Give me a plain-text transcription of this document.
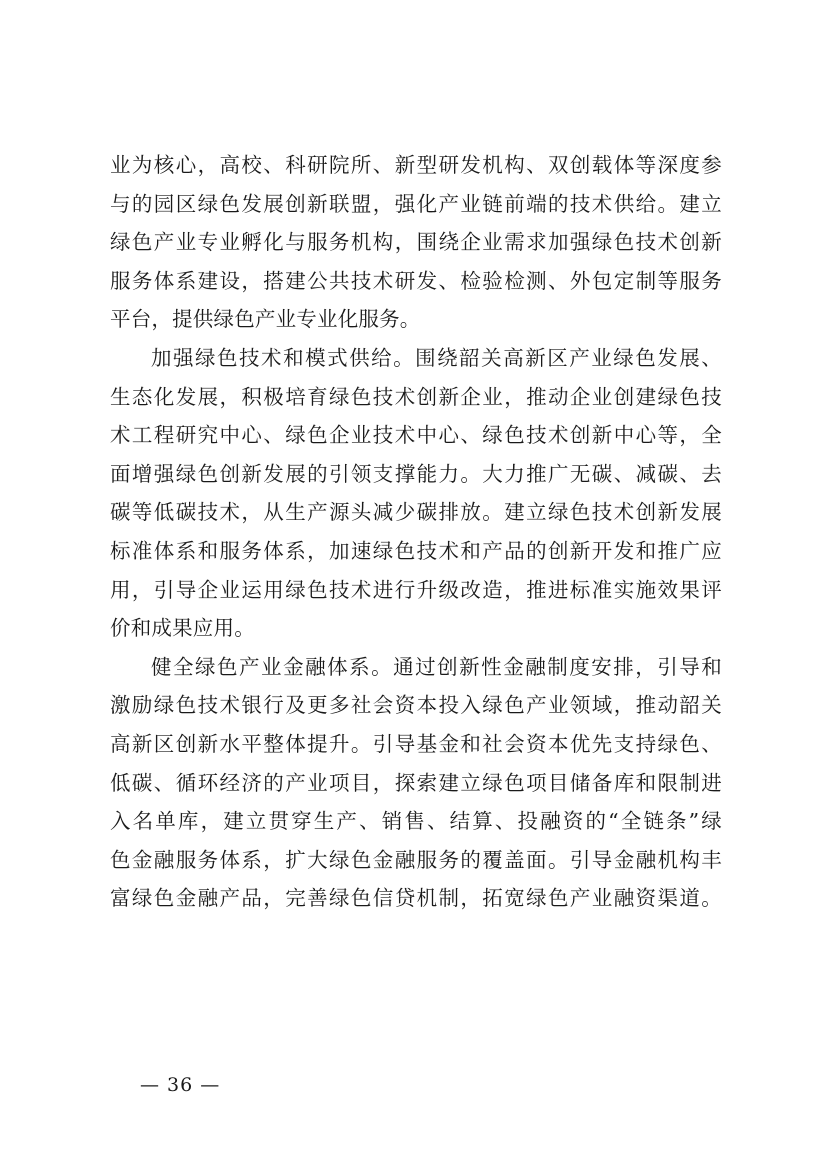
业为核心，高校、科研院所、新型研发机构、双创载体等深度参
与的园区绿色发展创新联盟，强化产业链前端的技术供给。建立
绿色产业专业孵化与服务机构，围绕企业需求加强绿色技术创新
服务体系建设，搭建公共技术研发、检验检测、外包定制等服务
平台，提供绿色产业专业化服务。
加强绿色技术和模式供给。围绕韶关高新区产业绿色发展、
生态化发展，积极培育绿色技术创新企业，推动企业创建绿色技
术工程研究中心、绿色企业技术中心、绿色技术创新中心等，全
面增强绿色创新发展的引领支撑能力。大力推广无碳、减碳、去
碳等低碳技术，从生产源头减少碳排放。建立绿色技术创新发展
标准体系和服务体系，加速绿色技术和产品的创新开发和推广应
用，引导企业运用绿色技术进行升级改造，推进标准实施效果评
价和成果应用。
健全绿色产业金融体系。通过创新性金融制度安排，引导和
激励绿色技术银行及更多社会资本投入绿色产业领域，推动韶关
高新区创新水平整体提升。引导基金和社会资本优先支持绿色、
低碳、循环经济的产业项目，探索建立绿色项目储备库和限制进
入名单库，建立贯穿生产、销售、结算、投融资的“全链条”绿
色金融服务体系，扩大绿色金融服务的覆盖面。引导金融机构丰
富绿色金融产品，完善绿色信贷机制，拓宽绿色产业融资渠道。
— 36 —
